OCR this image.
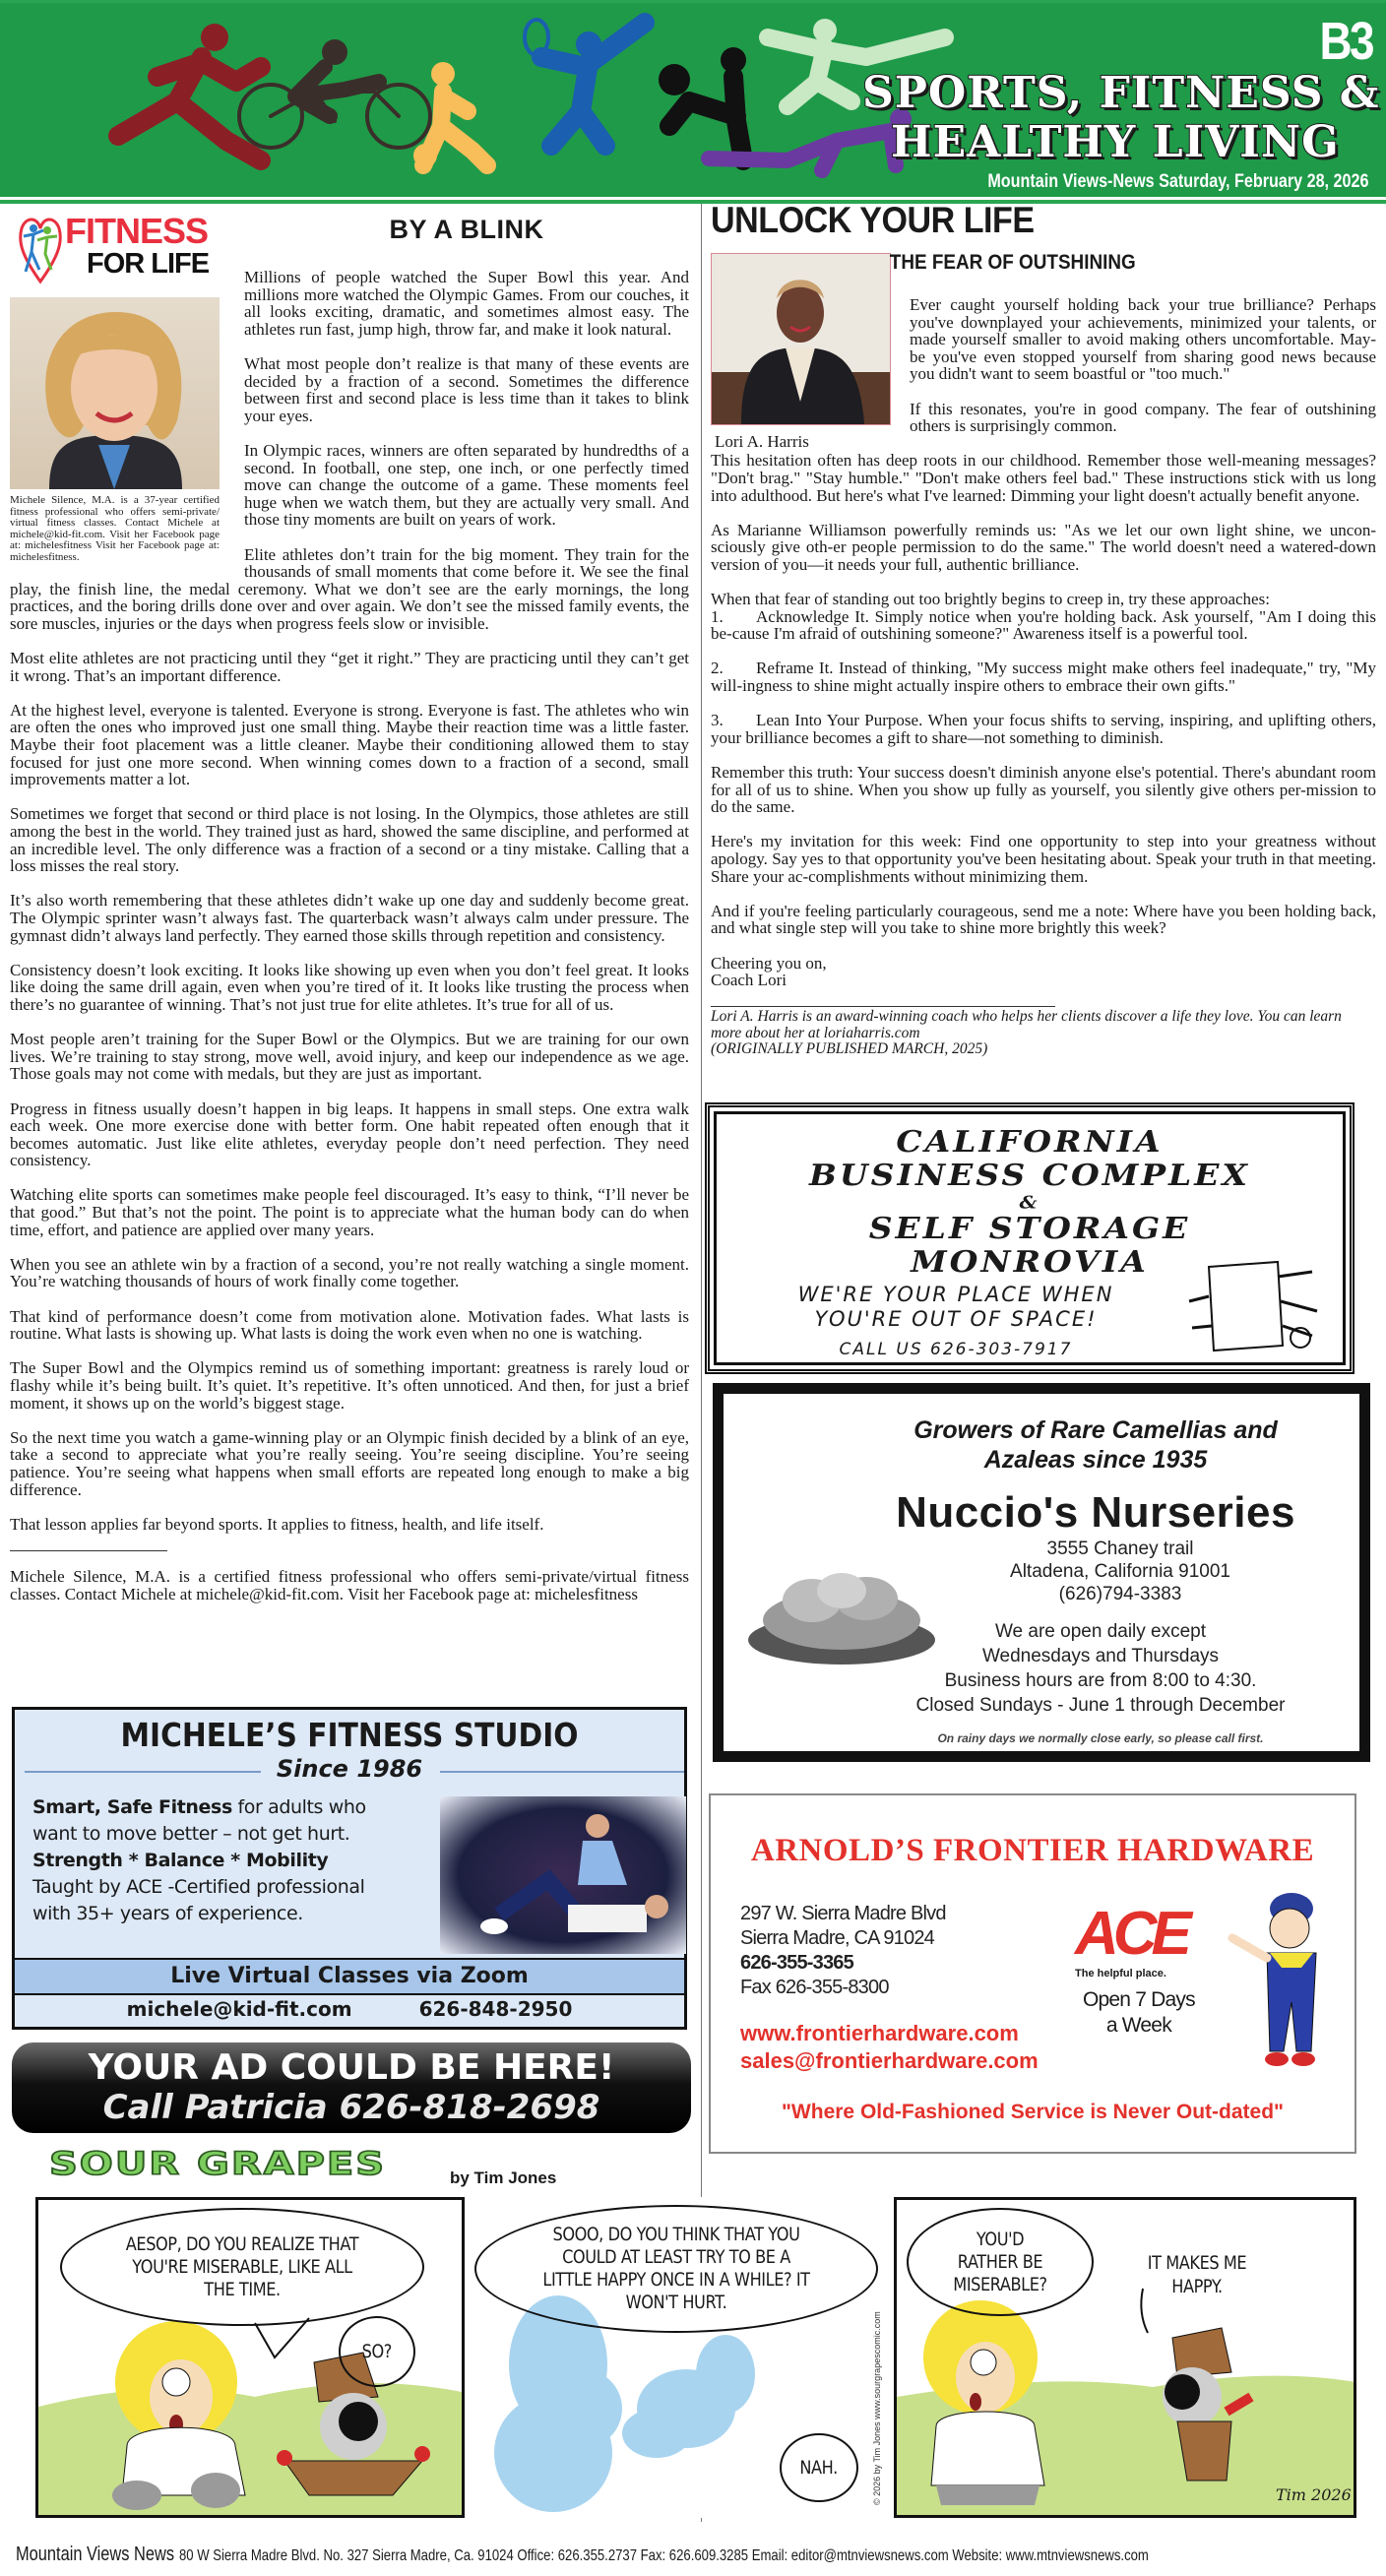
B3
SPORTS, FITNESS &
HEALTHY LIVING
Mountain Views-News Saturday, February 28, 2026
FITNESS
FOR LIFE
Michele Silence, M.A. is a 37-year certified fitness professional who offers semi-private/ virtual fitness classes. Contact Michele at michele@kid-fit.com. Visit her Facebook page at: michelesfitness Visit her Facebook page at: michelesfitness.
BY A BLINK

Millions of people watched the Super Bowl this year. And millions more watched the Olympic Games. From our couches, it all looks exciting, dramatic, and sometimes almost easy. The athletes run fast, jump high, throw far, and make it look natural.

What most people don’t realize is that many of these events are decided by a fraction of a second. Sometimes the difference between first and second place is less time than it takes to blink your eyes.

In Olympic races, winners are often separated by hundredths of a second. In football, one step, one inch, or one perfectly timed move can change the outcome of a game. These moments feel huge when we watch them, but they are actually very small. And those tiny moments are built on years of work.

Elite athletes don’t train for the big moment. They train for the thousands of small moments that come before it. We see the final play, the finish line, the medal ceremony. What we don’t see are the early mornings, the long practices, and the boring drills done over and over again. We don’t see the missed family events, the sore muscles, injuries or the days when progress feels slow or invisible.

Most elite athletes are not practicing until they “get it right.” They are practicing until they can’t get it wrong. That’s an important difference.

At the highest level, everyone is talented. Everyone is strong. Everyone is fast. The athletes who win are often the ones who improved just one small thing. Maybe their reaction time was a little faster. Maybe their foot placement was a little cleaner. Maybe their conditioning allowed them to stay focused for just one more second. When winning comes down to a fraction of a second, small improvements matter a lot.

Sometimes we forget that second or third place is not losing. In the Olympics, those athletes are still among the best in the world. They trained just as hard, showed the same discipline, and performed at an incredible level. The only difference was a fraction of a second or a tiny mistake. Calling that a loss misses the real story.

It’s also worth remembering that these athletes didn’t wake up one day and suddenly become great. The Olympic sprinter wasn’t always fast. The quarterback wasn’t always calm under pressure. The gymnast didn’t always land perfectly. They earned those skills through repetition and consistency.

Consistency doesn’t look exciting. It looks like showing up even when you don’t feel great. It looks like doing the same drill again, even when you’re tired of it. It looks like trusting the process when there’s no guarantee of winning. That’s not just true for elite athletes. It’s true for all of us.

Most people aren’t training for the Super Bowl or the Olympics. But we are training for our own lives. We’re training to stay strong, move well, avoid injury, and keep our independence as we age. Those goals may not come with medals, but they are just as important.

Progress in fitness usually doesn’t happen in big leaps. It happens in small steps. One extra walk each week. One more exercise done with better form. One habit repeated often enough that it becomes automatic. Just like elite athletes, everyday people don’t need perfection. They need consistency.

Watching elite sports can sometimes make people feel discouraged. It’s easy to think, “I’ll never be that good.” But that’s not the point. The point is to appreciate what the human body can do when time, effort, and patience are applied over many years.

When you see an athlete win by a fraction of a second, you’re not really watching a single moment. You’re watching thousands of hours of work finally come together.

That kind of performance doesn’t come from motivation alone. Motivation fades. What lasts is routine. What lasts is showing up. What lasts is doing the work even when no one is watching.

The Super Bowl and the Olympics remind us of something important: greatness is rarely loud or flashy while it’s being built. It’s quiet. It’s repetitive. It’s often unnoticed. And then, for just a brief moment, it shows up on the world’s biggest stage.

So the next time you watch a game-winning play or an Olympic finish decided by a blink of an eye, take a second to appreciate what you’re really seeing. You’re seeing discipline. You’re seeing patience. You’re seeing what happens when small efforts are repeated long enough to make a big difference.

That lesson applies far beyond sports. It applies to fitness, health, and life itself.

Michele Silence, M.A. is a certified fitness professional who offers semi-private/virtual fitness classes. Contact Michele at michele@kid-fit.com. Visit her Facebook page at: michelesfitness

UNLOCK YOUR LIFE
Lori A. Harris
THE FEAR OF OUTSHINING

Ever caught yourself holding back your true brilliance? Perhaps you've downplayed your achievements, minimized your talents, or made yourself smaller to avoid making others uncomfortable. May-be you've even stopped yourself from sharing good news because you didn't want to seem boastful or "too much."

If this resonates, you're in good company. The fear of outshining others is surprisingly common.

This hesitation often has deep roots in our childhood. Remember those well-meaning messages? "Don't brag." "Stay humble." "Don't make others feel bad." These instructions stick with us long into adulthood. But here's what I've learned: Dimming your light doesn't actually benefit anyone.

As Marianne Williamson powerfully reminds us: "As we let our own light shine, we uncon-sciously give oth-er people permission to do the same." The world doesn't need a watered-down version of you—it needs your full, authentic brilliance.

When that fear of standing out too brightly begins to creep in, try these approaches:

1. Acknowledge It. Simply notice when you're holding back. Ask yourself, "Am I doing this be-cause I'm afraid of outshining someone?" Awareness itself is a powerful tool.
2. Reframe It. Instead of thinking, "My success might make others feel inadequate," try, "My will-ingness to shine might actually inspire others to embrace their own gifts."
3. Lean Into Your Purpose. When your focus shifts to serving, inspiring, and uplifting others, your brilliance becomes a gift to share—not something to diminish.

Remember this truth: Your success doesn't diminish anyone else's potential. There's abundant room for all of us to shine. When you show up fully as yourself, you silently give others per-mission to do the same.

Here's my invitation for this week: Find one opportunity to step into your greatness without apology. Say yes to that opportunity you've been hesitating about. Speak your truth in that meeting. Share your ac-complishments without minimizing them.

And if you're feeling particularly courageous, send me a note: Where have you been holding back, and what single step will you take to shine more brightly this week?

Cheering you on,
Coach Lori

Lori A. Harris is an award-winning coach who helps her clients discover a life they love. You can learn more about her at loriaharris.com
(ORIGINALLY PUBLISHED MARCH, 2025)
CALIFORNIA
BUSINESS COMPLEX
&
SELF STORAGE
MONROVIA
WE'RE YOUR PLACE WHEN
YOU'RE OUT OF SPACE!
CALL US 626-303-7917
Growers of Rare Camellias and
Azaleas since 1935
Nuccio's Nurseries
3555 Chaney trail
Altadena, California 91001
(626)794-3383
We are open daily except
Wednesdays and Thursdays
Business hours are from 8:00 to 4:30.
Closed Sundays - June 1 through December
On rainy days we normally close early, so please call first.
ARNOLD’S FRONTIER HARDWARE
297 W. Sierra Madre Blvd
Sierra Madre, CA 91024
626-355-3365
Fax 626-355-8300
www.frontierhardware.com
sales@frontierhardware.com
ACE
The helpful place.
Open 7 Days
a Week
"Where Old-Fashioned Service is Never Out-dated"
MICHELE’S FITNESS STUDIO
Since 1986
Smart, Safe Fitness for adults who
want to move better – not get hurt.
Strength * Balance * Mobility
Taught by ACE -Certified professional
with 35+ years of experience.
Live Virtual Classes via Zoom
michele@kid-fit.com	626-848-2950
YOUR AD COULD BE HERE!
Call Patricia 626-818-2698
SOUR GRAPES	by Tim Jones
AESOP, DO YOU REALIZE THAT YOU'RE MISERABLE, LIKE ALL THE TIME.
SO?
SOOO, DO YOU THINK THAT YOU COULD AT LEAST TRY TO BE A LITTLE HAPPY ONCE IN A WHILE? IT WON'T HURT.
NAH.	© 2026 by Tim Jones www.sourgrapescomic.com
YOU'D RATHER BE MISERABLE?
IT MAKES ME HAPPY.
Tim 2026
Mountain Views News 80 W Sierra Madre Blvd. No. 327 Sierra Madre, Ca. 91024 Office: 626.355.2737 Fax: 626.609.3285 Email: editor@mtnviewsnews.com Website: www.mtnviewsnews.com
